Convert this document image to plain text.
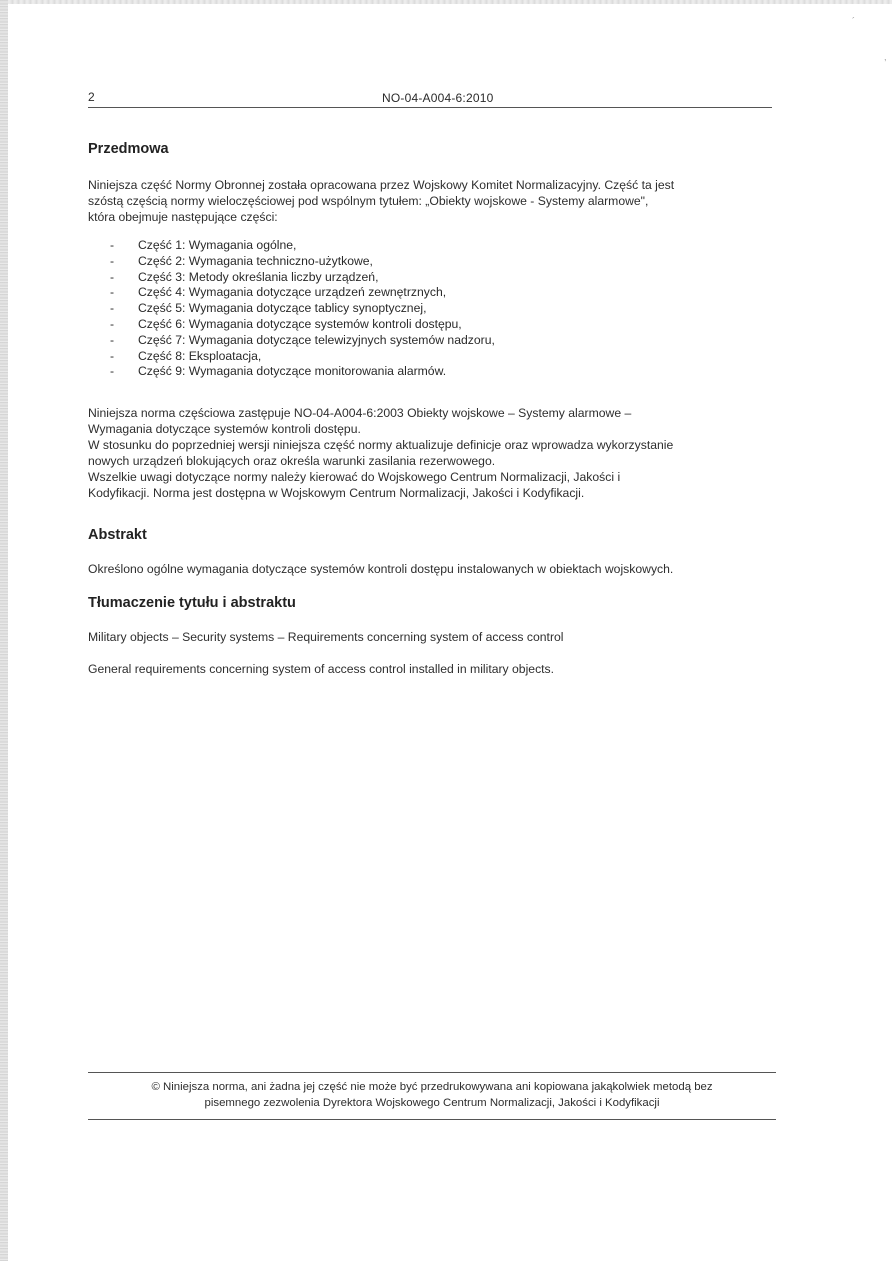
´
,
2	NO-04-A004-6:2010
Przedmowa
Niniejsza część Normy Obronnej została opracowana przez Wojskowy Komitet Normalizacyjny. Część ta jest
szóstą częścią normy wieloczęściowej pod wspólnym tytułem: „Obiekty wojskowe - Systemy alarmowe",
która obejmuje następujące części:
- Część 1: Wymagania ogólne,
- Część 2: Wymagania techniczno-użytkowe,
- Część 3: Metody określania liczby urządzeń,
- Część 4: Wymagania dotyczące urządzeń zewnętrznych,
- Część 5: Wymagania dotyczące tablicy synoptycznej,
- Część 6: Wymagania dotyczące systemów kontroli dostępu,
- Część 7: Wymagania dotyczące telewizyjnych systemów nadzoru,
- Część 8: Eksploatacja,
- Część 9: Wymagania dotyczące monitorowania alarmów.
Niniejsza norma częściowa zastępuje NO-04-A004-6:2003 Obiekty wojskowe – Systemy alarmowe –
Wymagania dotyczące systemów kontroli dostępu.
W stosunku do poprzedniej wersji niniejsza część normy aktualizuje definicje oraz wprowadza wykorzystanie
nowych urządzeń blokujących oraz określa warunki zasilania rezerwowego.
Wszelkie uwagi dotyczące normy należy kierować do Wojskowego Centrum Normalizacji, Jakości i
Kodyfikacji. Norma jest dostępna w Wojskowym Centrum Normalizacji, Jakości i Kodyfikacji.
Abstrakt
Określono ogólne wymagania dotyczące systemów kontroli dostępu instalowanych w obiektach wojskowych.
Tłumaczenie tytułu i abstraktu
Military objects – Security systems – Requirements concerning system of access control
General requirements concerning system of access control installed in military objects.
© Niniejsza norma, ani żadna jej część nie może być przedrukowywana ani kopiowana jakąkolwiek metodą bez
pisemnego zezwolenia Dyrektora Wojskowego Centrum Normalizacji, Jakości i Kodyfikacji
